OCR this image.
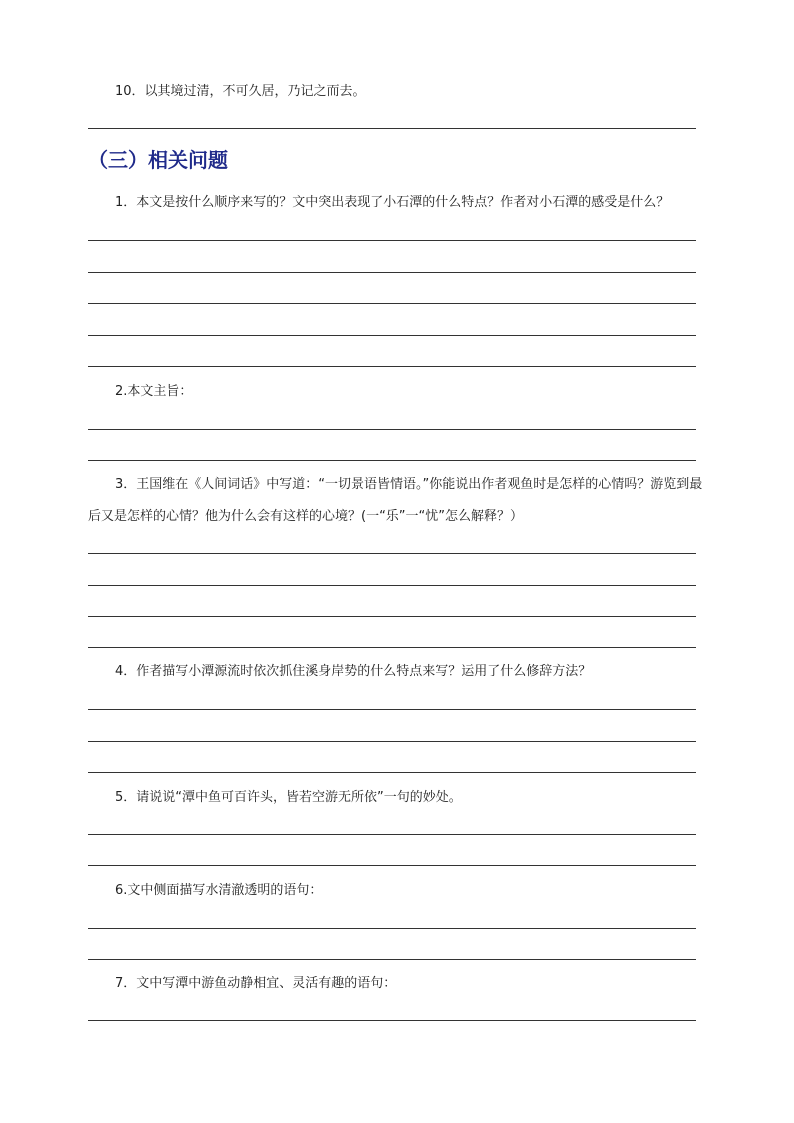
10．以其境过清，不可久居，乃记之而去。
（三）相关问题
1．本文是按什么顺序来写的？文中突出表现了小石潭的什么特点？作者对小石潭的感受是什么？
2.本文主旨：
3．王国维在《人间词话》中写道：“一切景语皆情语。”你能说出作者观鱼时是怎样的心情吗？游览到最后又是怎样的心情？他为什么会有这样的心境？(一“乐”一“忧”怎么解释？）
4．作者描写小潭源流时依次抓住溪身岸势的什么特点来写？运用了什么修辞方法？
5．请说说“潭中鱼可百许头，皆若空游无所依”一句的妙处。
6.文中侧面描写水清澈透明的语句：
7．文中写潭中游鱼动静相宜、灵活有趣的语句：
